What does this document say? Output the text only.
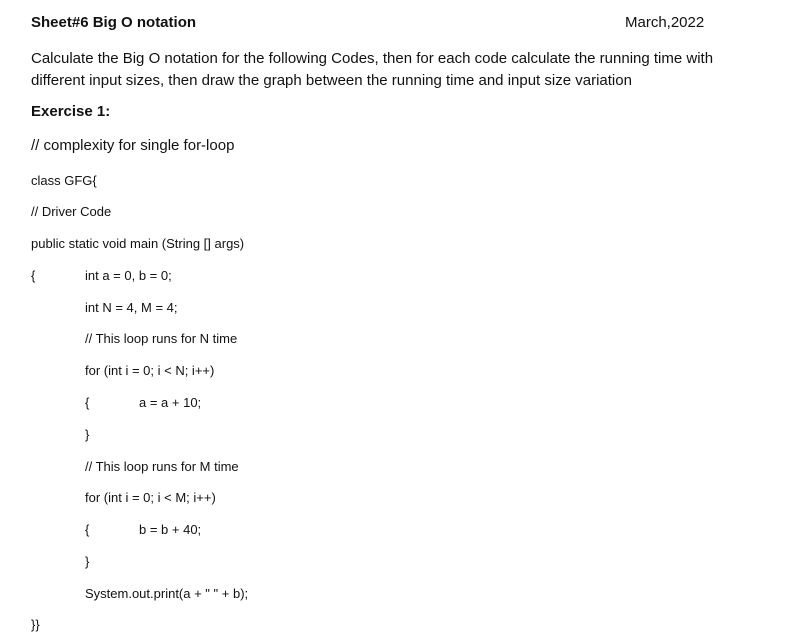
Sheet#6 Big O notation	March,2022
Calculate the Big O notation for the following Codes, then for each code calculate the running time with different input sizes, then draw the graph between the running time and input size variation
Exercise 1:
// complexity for single for-loop
class GFG{
// Driver Code
public static void main (String [] args)
{	int a = 0, b = 0;
int N = 4, M = 4;
// This loop runs for N time
for (int i = 0; i < N; i++)
{	a = a + 10;
}
// This loop runs for M time
for (int i = 0; i < M; i++)
{	b = b + 40;
}
System.out.print(a + " " + b);
}}
